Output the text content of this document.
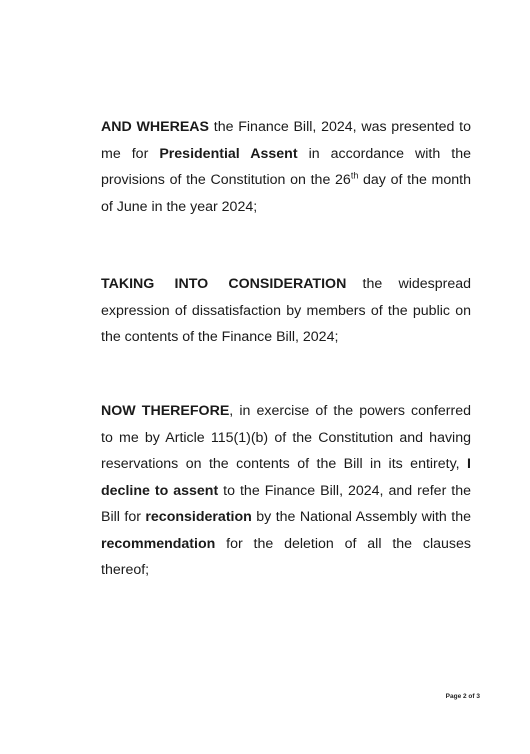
AND WHEREAS the Finance Bill, 2024, was presented to me for Presidential Assent in accordance with the provisions of the Constitution on the 26th day of the month of June in the year 2024;

TAKING INTO CONSIDERATION the widespread expression of dissatisfaction by members of the public on the contents of the Finance Bill, 2024;

NOW THEREFORE, in exercise of the powers conferred to me by Article 115(1)(b) of the Constitution and having reservations on the contents of the Bill in its entirety, I decline to assent to the Finance Bill, 2024, and refer the Bill for reconsideration by the National Assembly with the recommendation for the deletion of all the clauses thereof;

Page 2 of 3
